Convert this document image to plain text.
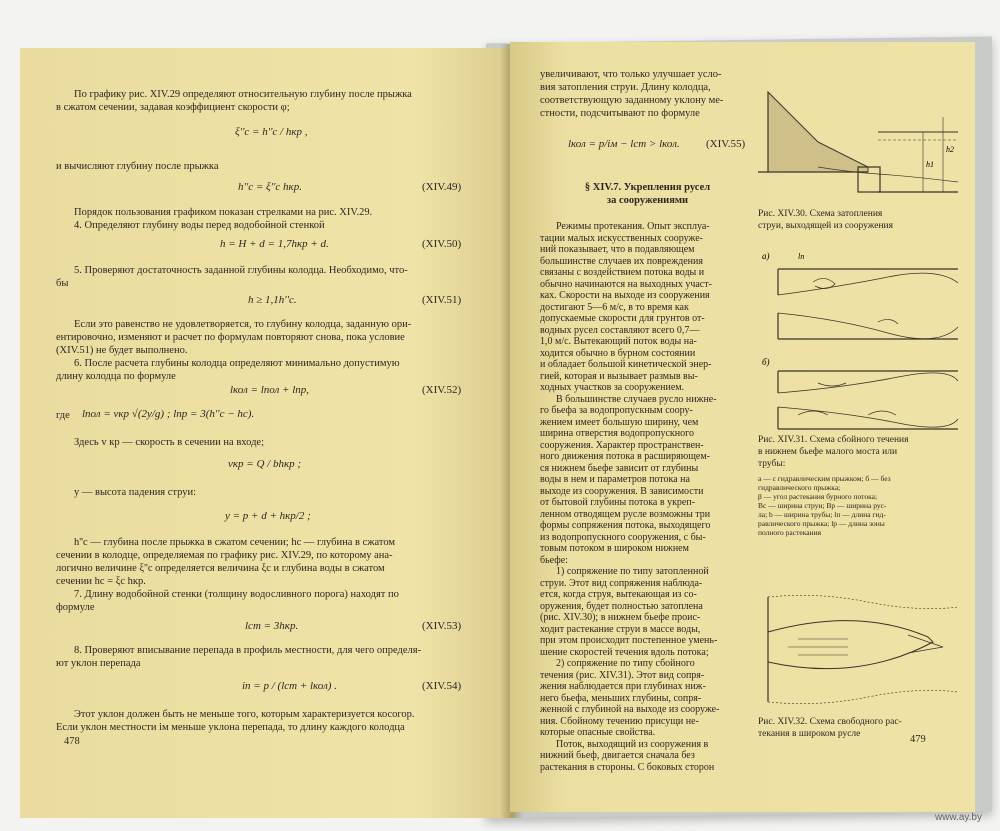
По графику рис. XIV.29 определяют относительную глубину после прыжка
в сжатом сечении, задавая коэффициент скорости φ;
ξ''c = h''c / hкр ,
и вычисляют глубину после прыжка
h''c = ξ''c hкр.	(XIV.49)
Порядок пользования графиком показан стрелками на рис. XIV.29.
4. Определяют глубину воды перед водобойной стенкой
h = H + d = 1,7hкр + d.	(XIV.50)
5. Проверяют достаточность заданной глубины колодца. Необходимо, что-
бы
h ≥ 1,1h''c.	(XIV.51)
Если это равенство не удовлетворяется, то глубину колодца, заданную ори-
ентировочно, изменяют и расчет по формулам повторяют снова, пока условие
(XIV.51) не будет выполнено.
6. После расчета глубины колодца определяют минимально допустимую
длину колодца по формуле
lкол = lпол + lпр,	(XIV.52)
где lпол = vкр √(2y/g) ; lпр = 3(h''c − hc).
Здесь v кр — скорость в сечении на входе;
vкр = Q / bhкр ;
y — высота падения струи:
y = p + d + hкр/2 ;
h''c — глубина после прыжка в сжатом сечении; hc — глубина в сжатом
сечении в колодце, определяемая по графику рис. XIV.29, по которому ана-
логично величине ξ''c определяется величина ξc и глубина воды в сжатом
сечении hc = ξc hкр.
7. Длину водобойной стенки (толщину водосливного порога) находят по
формуле
lст = 3hкр.	(XIV.53)
8. Проверяют вписывание перепада в профиль местности, для чего определя-
ют уклон перепада
iп = p / (lст + lкол) .	(XIV.54)
Этот уклон должен быть не меньше того, которым характеризуется косогор.
Если уклон местности iм меньше уклона перепада, то длину каждого колодца
478
увеличивают, что только улучшает усло-
вия затопления струи. Длину колодца,
соответствующую заданному уклону ме-
стности, подсчитывают по формуле
lкол = p/iм − lст > lкол. (XIV.55)
§ XIV.7. Укрепления русел
за сооружениями
Режимы протекания. Опыт эксплуа-
тации малых искусственных сооруже-
ний показывает, что в подавляющем
большинстве случаев их повреждения
связаны с воздействием потока воды и
обычно начинаются на выходных участ-
ках. Скорости на выходе из сооружения
достигают 5—6 м/с, в то время как
допускаемые скорости для грунтов от-
водных русел составляют всего 0,7—
1,0 м/с. Вытекающий поток воды на-
ходится обычно в бурном состоянии
и обладает большой кинетической энер-
гией, которая и вызывает размыв вы-
ходных участков за сооружением.
В большинстве случаев русло нижне-
го бьефа за водопропускным соору-
жением имеет большую ширину, чем
ширина отверстия водопропускного
сооружения. Характер пространствен-
ного движения потока в расширяющем-
ся нижнем бьефе зависит от глубины
воды в нем и параметров потока на
выходе из сооружения. В зависимости
от бытовой глубины потока в укреп-
ленном отводящем русле возможны три
формы сопряжения потока, выходящего
из водопропускного сооружения, с бы-
товым потоком в широком нижнем
бьефе:
1) сопряжение по типу затопленной
струи. Этот вид сопряжения наблюда-
ется, когда струя, вытекающая из со-
оружения, будет полностью затоплена
(рис. XIV.30); в нижнем бьефе проис-
ходит растекание струи в массе воды,
при этом происходит постепенное умень-
шение скоростей течения вдоль потока;
2) сопряжение по типу сбойного
течения (рис. XIV.31). Этот вид сопря-
жения наблюдается при глубинах ниж-
него бьефа, меньших глубины, сопря-
женной с глубиной на выходе из сооруже-
ния. Сбойному течению присущи не-
которые опасные свойства.
Поток, выходящий из сооружения в
нижний бьеф, двигается сначала без
растекания в стороны. С боковых сторон
Рис. XIV.30. Схема затопления
струи, выходящей из сооружения
Рис. XIV.31. Схема сбойного течения
в нижнем бьефе малого моста или
трубы:
a — с гидравлическим прыжком; б — без
гидравлического прыжка;
β — угол растекания бурного потока;
Bс — ширина струи; Bр — ширина рус-
ла; b — ширина трубы; lп — длина гид-
равлического прыжка; lр — длина зоны
полного растекания
Рис. XIV.32. Схема свободного рас-
текания в широком русле	479
h1
h2
а)	lп
б)
www.ay.by
